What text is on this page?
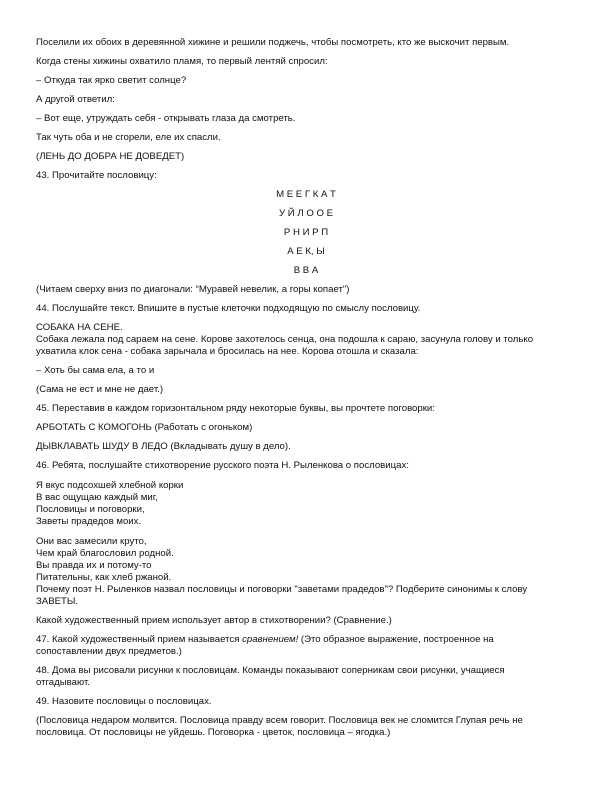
Поселили их обоих в деревянной хижине и решили поджечь, чтобы посмотреть, кто же выскочит первым.
Когда стены хижины охватило пламя, то первый лентяй спросил:
– Откуда так ярко светит солнце?
А другой ответил:
– Вот еще, утруждать себя - открывать глаза да смотреть.
Так чуть оба и не сгорели, еле их спасли.
(ЛЕНЬ ДО ДОБРА НЕ ДОВЕДЕТ)
43. Прочитайте пословицу:
М Е Е Г К А Т
У Й Л О О Е
Р Н И Р П
А Е К, Ы
В В А
(Читаем сверху вниз по диагонали: “Муравей невелик, а горы копает")
44. Послушайте текст. Впишите в пустые клеточки подходящую по смыслу пословицу.
СОБАКА НА СЕНЕ.
Собака лежала под сараем на сене. Корове захотелось сенца, она подошла к сараю, засунула голову и только
ухватила клок сена - собака зарычала и бросилась на нее. Корова отошла и сказала:
– Хоть бы сама ела, а то и
(Сама не ест и мне не дает.)
45. Переставив в каждом горизонтальном ряду некоторые буквы, вы прочтете поговорки:
АРБОТАТЬ С КОМОГОНЬ (Работать с огоньком)
ДЫВКЛАВАТЬ ШУДУ В ЛЕДО (Вкладывать душу в дело).
46. Ребята, послушайте стихотворение русского поэта Н. Рыленкова о пословицах:
Я вкус подсохшей хлебной корки
В вас ощущаю каждый миг,
Пословицы и поговорки,
Заветы прадедов моих.
Они вас замесили круто,
Чем край благословил родной.
Вы правда их и потому-то
Питательны, как хлеб ржаной.
Почему поэт Н. Рыленков назвал пословицы и поговорки "заветами прадедов"? Подберите синонимы к слову
ЗАВЕТЫ.
Какой художественный прием использует автор в стихотворении? (Сравнение.)
47. Какой художественный прием называется сравнением! (Это образное выражение, построенное на
сопоставлении двух предметов.)
48. Дома вы рисовали рисунки к пословицам. Команды показывают соперникам свои рисунки, учащиеся
отгадывают.
49. Назовите пословицы о пословицах.
(Пословица недаром молвится. Пословица правду всем говорит. Пословица век не сломится Глупая речь не
пословица. От пословицы не уйдешь. Поговорка - цветок, пословица – ягодка.)
